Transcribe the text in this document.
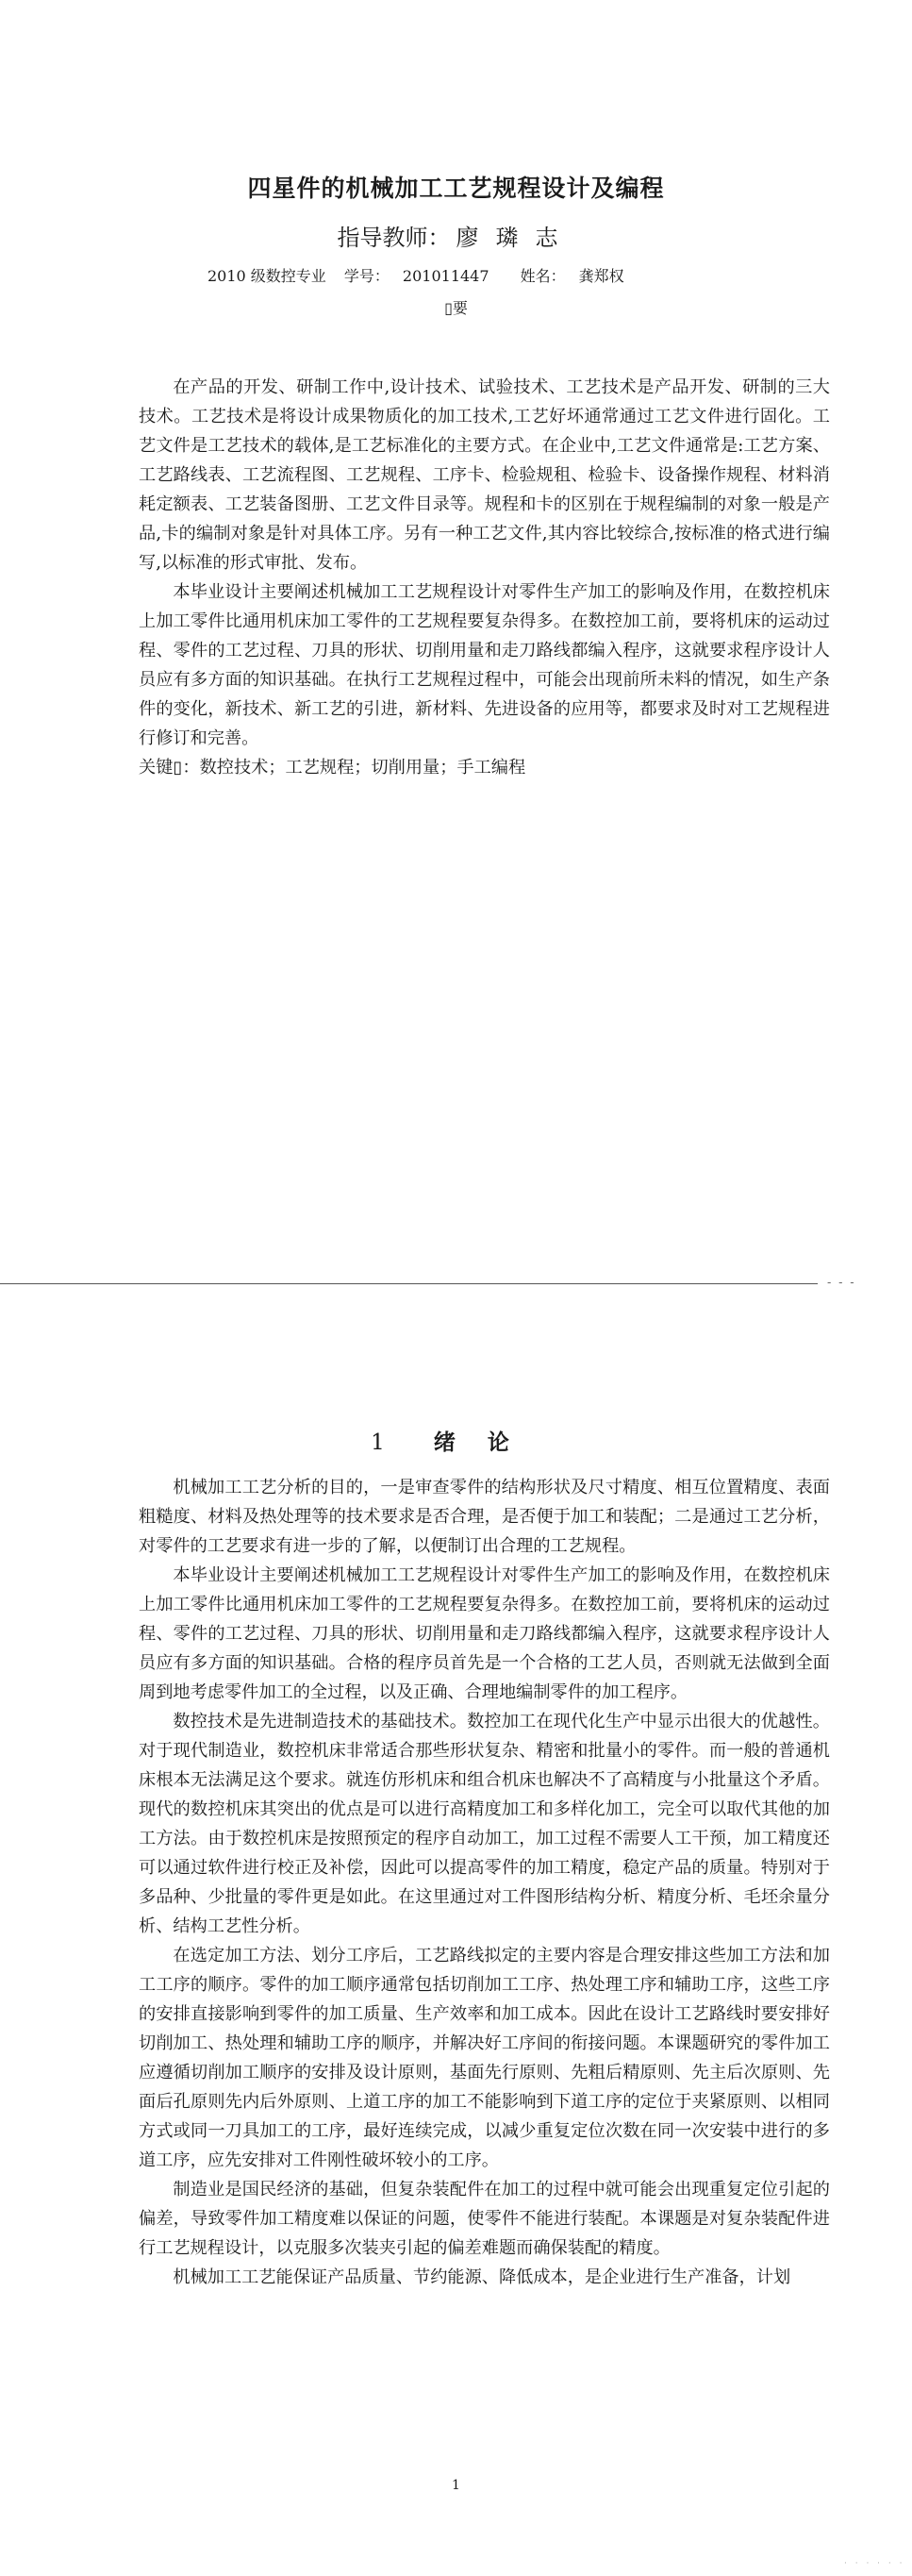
四星件的机械加工工艺规程设计及编程
指导教师： 廖璘志
2010 级数控专业 学号： 201011447 姓名： 龚郑权
▯要

在产品的开发、研制工作中,设计技术、试验技术、工艺技术是产品开发、研制的三大技术。工艺技术是将设计成果物质化的加工技术,工艺好坏通常通过工艺文件进行固化。工艺文件是工艺技术的载体,是工艺标准化的主要方式。在企业中,工艺文件通常是:工艺方案、工艺路线表、工艺流程图、工艺规程、工序卡、检验规租、检验卡、设备操作规程、材料消耗定额表、工艺装备图册、工艺文件目录等。规程和卡的区别在于规程编制的对象一般是产品,卡的编制对象是针对具体工序。另有一种工艺文件,其内容比较综合,按标准的格式进行编写,以标准的形式审批、发布。

本毕业设计主要阐述机械加工工艺规程设计对零件生产加工的影响及作用，在数控机床上加工零件比通用机床加工零件的工艺规程要复杂得多。在数控加工前，要将机床的运动过程、零件的工艺过程、刀具的形状、切削用量和走刀路线都编入程序，这就要求程序设计人员应有多方面的知识基础。在执行工艺规程过程中，可能会出现前所未料的情况，如生产条件的变化，新技术、新工艺的引进，新材料、先进设备的应用等，都要求及时对工艺规程进行修订和完善。

关键▯：数控技术；工艺规程；切削用量；手工编程

- - -
1 绪论

机械加工工艺分析的目的，一是审查零件的结构形状及尺寸精度、相互位置精度、表面粗糙度、材料及热处理等的技术要求是否合理，是否便于加工和装配；二是通过工艺分析，对零件的工艺要求有进一步的了解，以便制订出合理的工艺规程。

本毕业设计主要阐述机械加工工艺规程设计对零件生产加工的影响及作用，在数控机床上加工零件比通用机床加工零件的工艺规程要复杂得多。在数控加工前，要将机床的运动过程、零件的工艺过程、刀具的形状、切削用量和走刀路线都编入程序，这就要求程序设计人员应有多方面的知识基础。合格的程序员首先是一个合格的工艺人员，否则就无法做到全面周到地考虑零件加工的全过程，以及正确、合理地编制零件的加工程序。

数控技术是先进制造技术的基础技术。数控加工在现代化生产中显示出很大的优越性。对于现代制造业，数控机床非常适合那些形状复杂、精密和批量小的零件。而一般的普通机床根本无法满足这个要求。就连仿形机床和组合机床也解决不了高精度与小批量这个矛盾。现代的数控机床其突出的优点是可以进行高精度加工和多样化加工，完全可以取代其他的加工方法。由于数控机床是按照预定的程序自动加工，加工过程不需要人工干预，加工精度还可以通过软件进行校正及补偿，因此可以提高零件的加工精度，稳定产品的质量。特别对于多品种、少批量的零件更是如此。在这里通过对工件图形结构分析、精度分析、毛坯余量分析、结构工艺性分析。

在选定加工方法、划分工序后，工艺路线拟定的主要内容是合理安排这些加工方法和加工工序的顺序。零件的加工顺序通常包括切削加工工序、热处理工序和辅助工序，这些工序的安排直接影响到零件的加工质量、生产效率和加工成本。因此在设计工艺路线时要安排好切削加工、热处理和辅助工序的顺序，并解决好工序间的衔接问题。本课题研究的零件加工应遵循切削加工顺序的安排及设计原则，基面先行原则、先粗后精原则、先主后次原则、先面后孔原则先内后外原则、上道工序的加工不能影响到下道工序的定位于夹紧原则、以相同方式或同一刀具加工的工序，最好连续完成，以减少重复定位次数在同一次安装中进行的多道工序，应先安排对工件刚性破坏较小的工序。

制造业是国民经济的基础，但复杂装配件在加工的过程中就可能会出现重复定位引起的偏差，导致零件加工精度难以保证的问题，使零件不能进行装配。本课题是对复杂装配件进行工艺规程设计，以克服多次装夹引起的偏差难题而确保装配的精度。

机械加工工艺能保证产品质量、节约能源、降低成本，是企业进行生产准备，计划

1
· · · · · ·
